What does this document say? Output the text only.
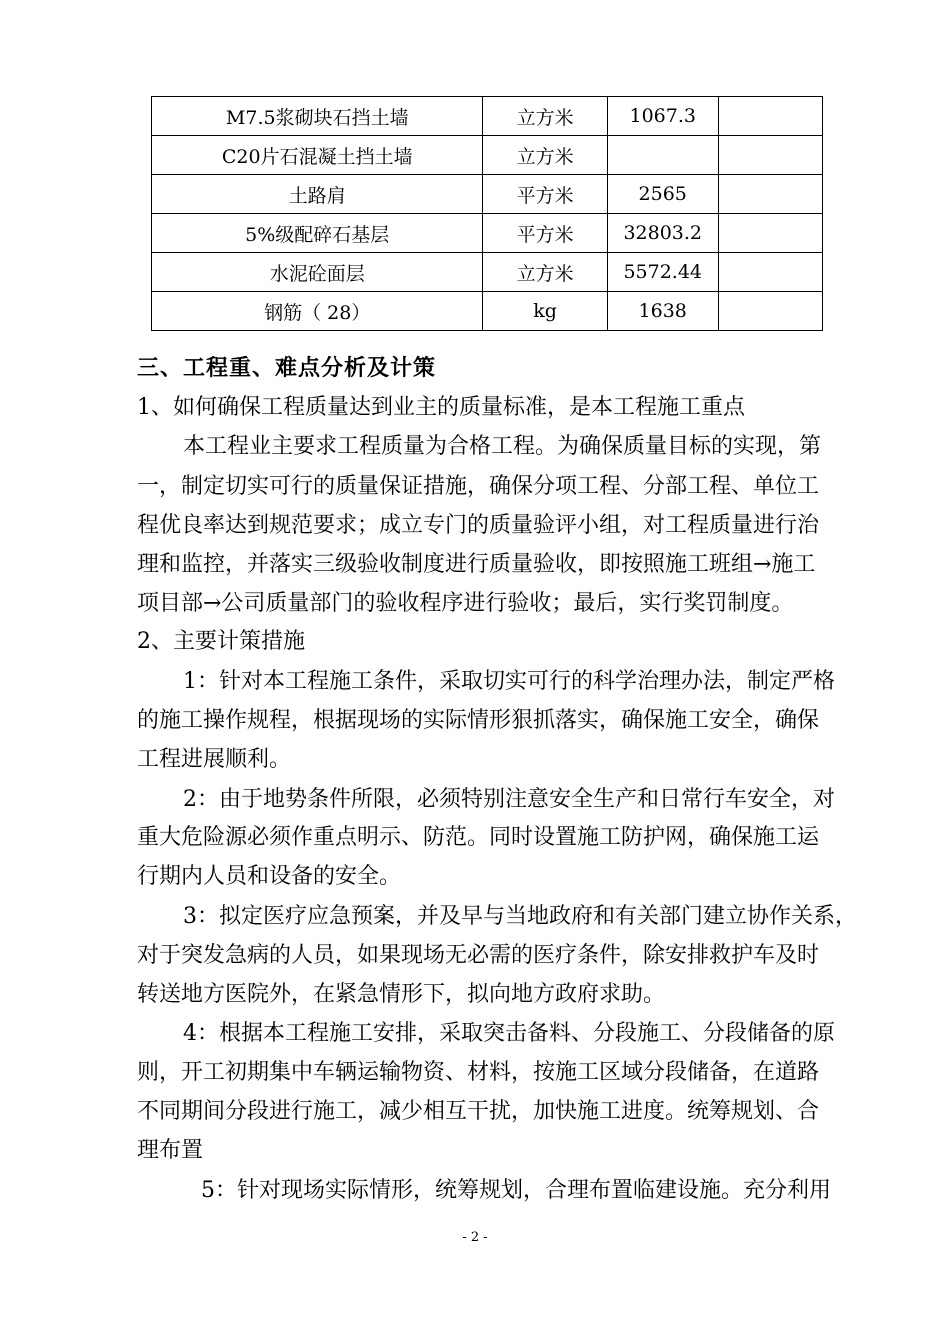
M7.5浆砌块石挡土墙	立方米	1067.3	
C20片石混凝土挡土墙	立方米		
土路肩	平方米	2565	
5%级配碎石基层	平方米	32803.2	
水泥砼面层	立方米	5572.44	
钢筋（ 28）	kg	1638	
三、工程重、难点分析及计策
1、如何确保工程质量达到业主的质量标准，是本工程施工重点
本工程业主要求工程质量为合格工程。为确保质量目标的实现，第
一，制定切实可行的质量保证措施，确保分项工程、分部工程、单位工
程优良率达到规范要求；成立专门的质量验评小组，对工程质量进行治
理和监控，并落实三级验收制度进行质量验收，即按照施工班组→施工
项目部→公司质量部门的验收程序进行验收；最后，实行奖罚制度。
2、主要计策措施
1：针对本工程施工条件，采取切实可行的科学治理办法，制定严格
的施工操作规程，根据现场的实际情形狠抓落实，确保施工安全，确保
工程进展顺利。
2：由于地势条件所限，必须特别注意安全生产和日常行车安全，对
重大危险源必须作重点明示、防范。同时设置施工防护网，确保施工运
行期内人员和设备的安全。
3：拟定医疗应急预案，并及早与当地政府和有关部门建立协作关系，
对于突发急病的人员，如果现场无必需的医疗条件，除安排救护车及时
转送地方医院外，在紧急情形下，拟向地方政府求助。
4：根据本工程施工安排，采取突击备料、分段施工、分段储备的原
则，开工初期集中车辆运输物资、材料，按施工区域分段储备，在道路
不同期间分段进行施工，减少相互干扰，加快施工进度。统筹规划、合
理布置
5：针对现场实际情形，统筹规划，合理布置临建设施。充分利用
- 2 -
